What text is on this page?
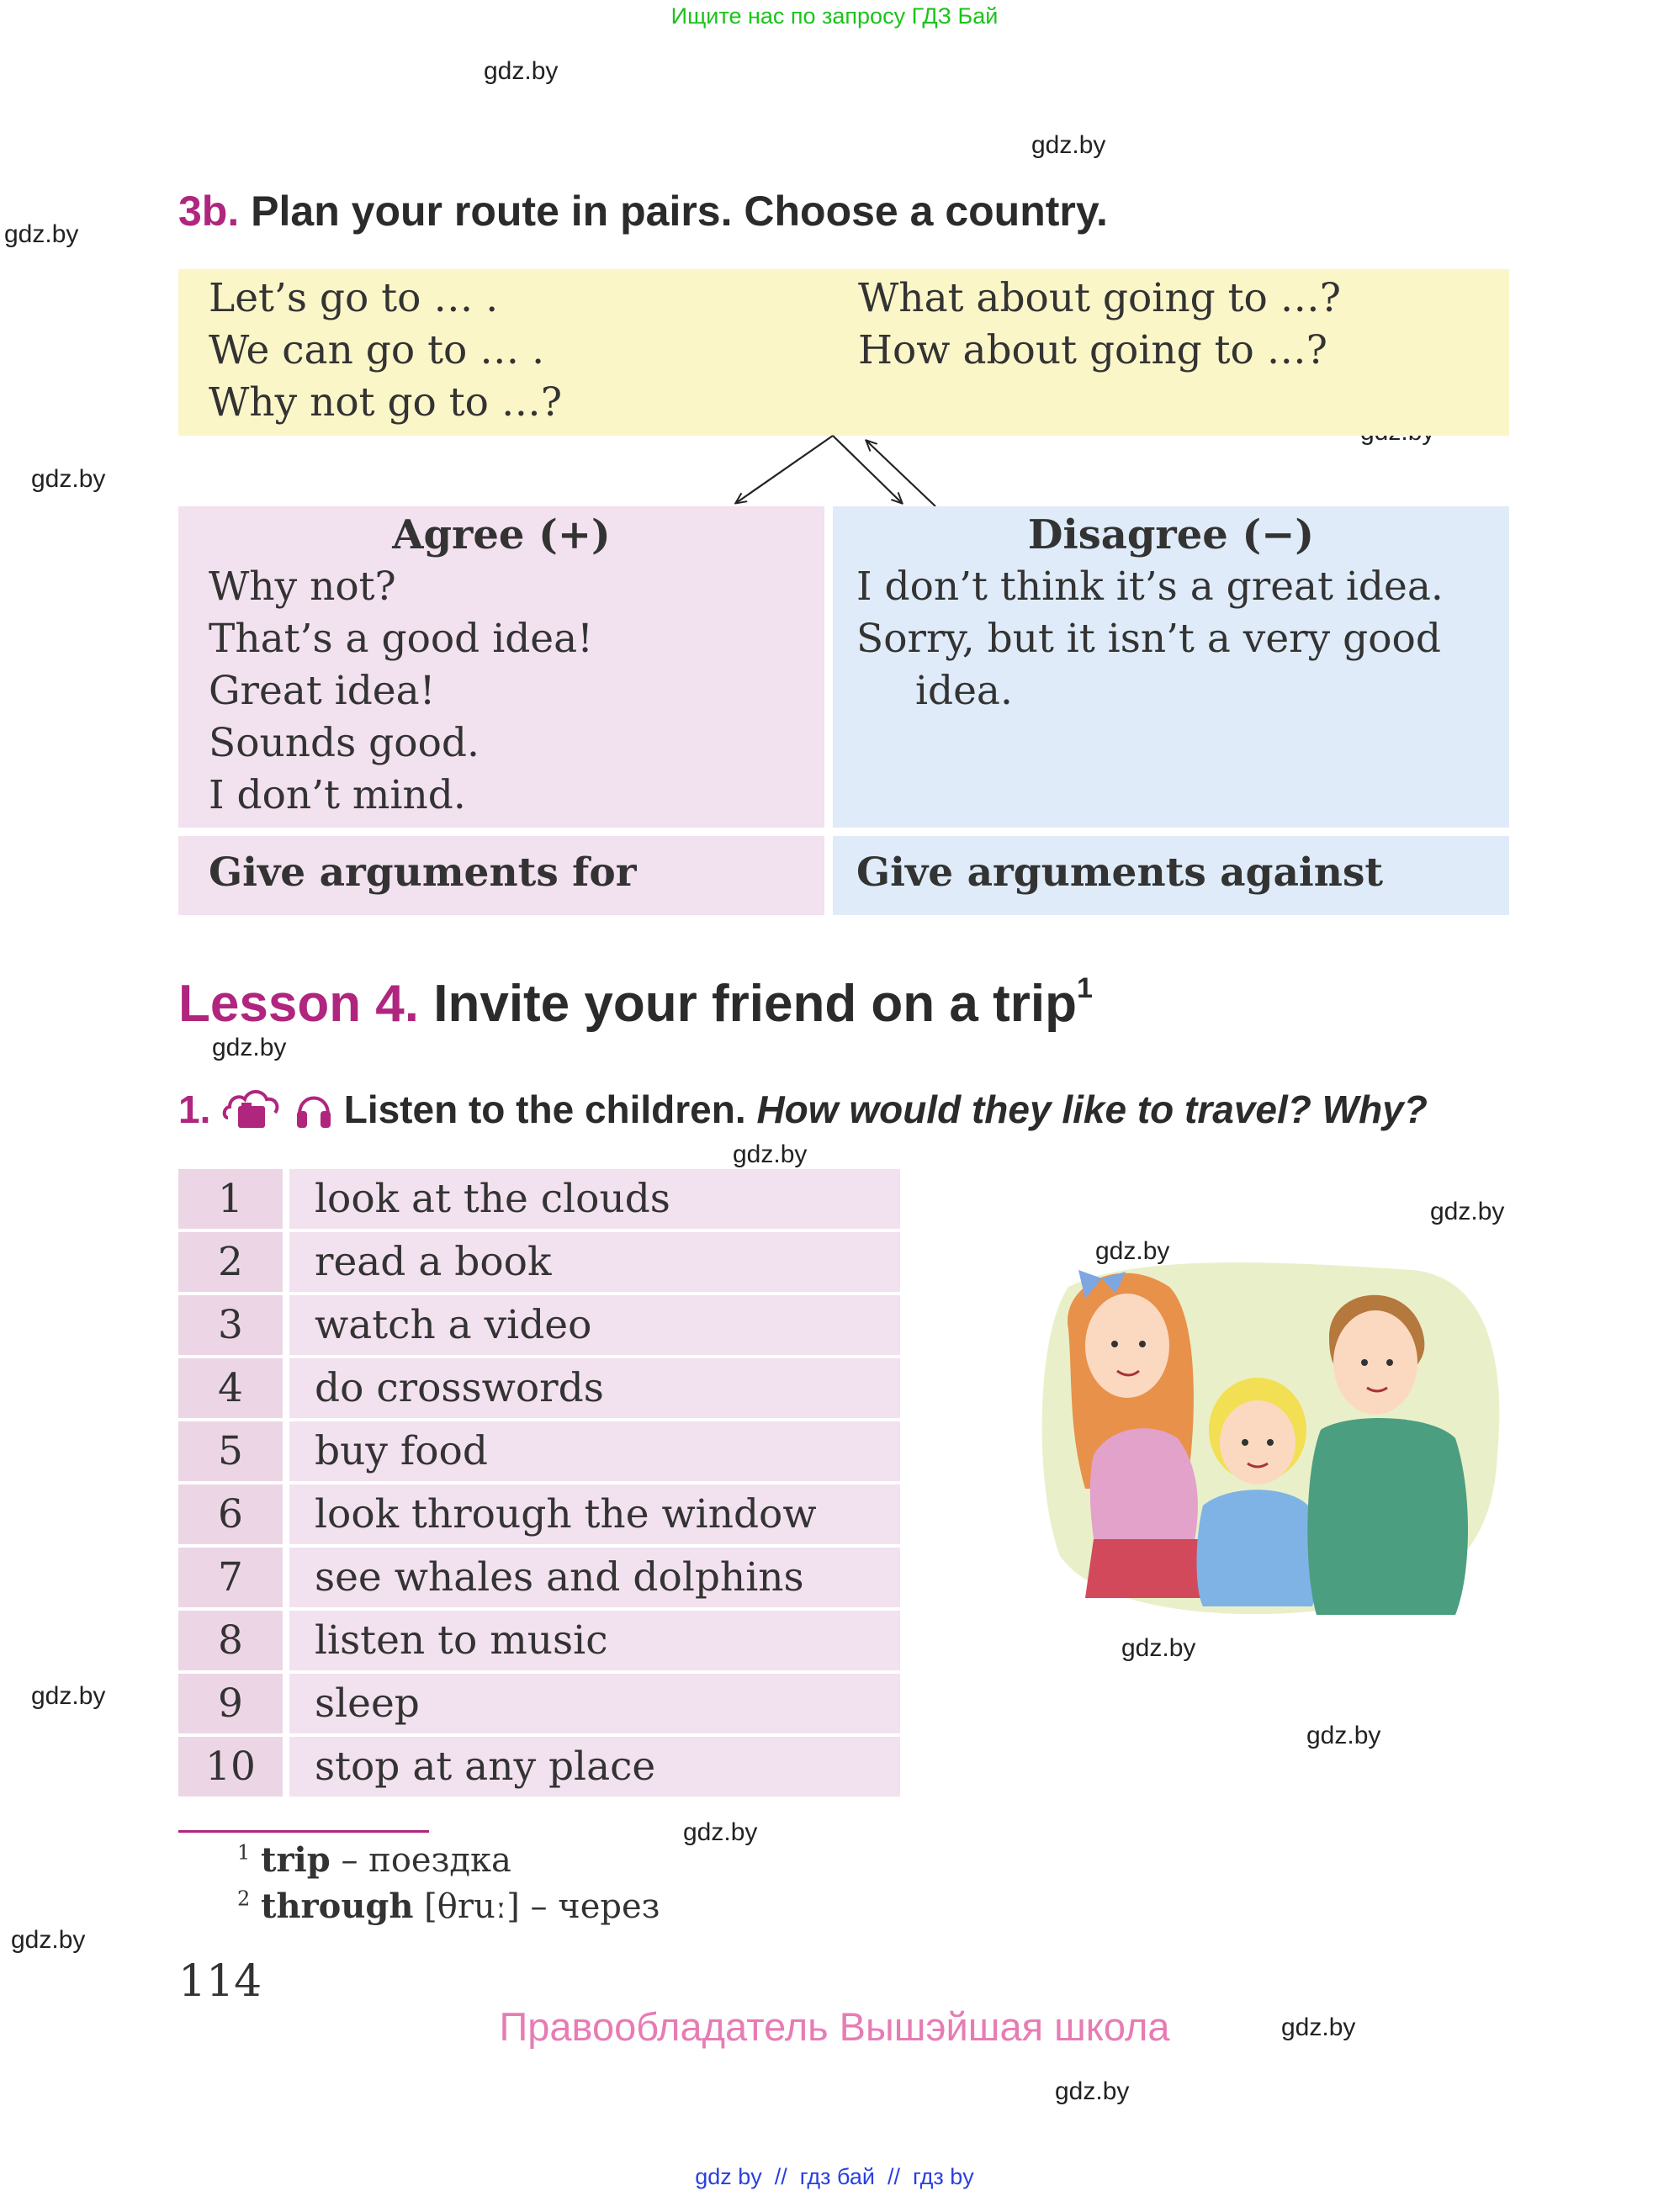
Ищите нас по запросу ГДЗ Бай
gdz.by
gdz.by
gdz.by
gdz.by
gdz.by
gdz.by
gdz.by
gdz.by
gdz.by
gdz.by
gdz.by
gdz.by
gdz.by
gdz.by
gdz.by
3b. Plan your route in pairs. Choose a country.
Let’s go to … .
We can go to … .
Why not go to …?
What about going to …?
How about going to …?
Agree (+)
Why not?
That’s a good idea!
Great idea!
Sounds good.
I don’t mind.
Disagree (−)
I don’t think it’s a great idea.
Sorry, but it isn’t a very good
idea.
Give arguments for	Give arguments against
Lesson 4. Invite your friend on a trip$^1$
1.	Listen to the children. How would they like to travel? Why?
1	look at the clouds
2	read a book
3	watch a video
4	do crosswords
5	buy food
6	look through the window
7	see whales and dolphins
8	listen to music
9	sleep
10	stop at any place
$^1$ trip – поездка
$^2$ through [θruː] – через
114
Правообладатель Вышэйшая школа
gdz by  //  гдз бай  //  гдз by
